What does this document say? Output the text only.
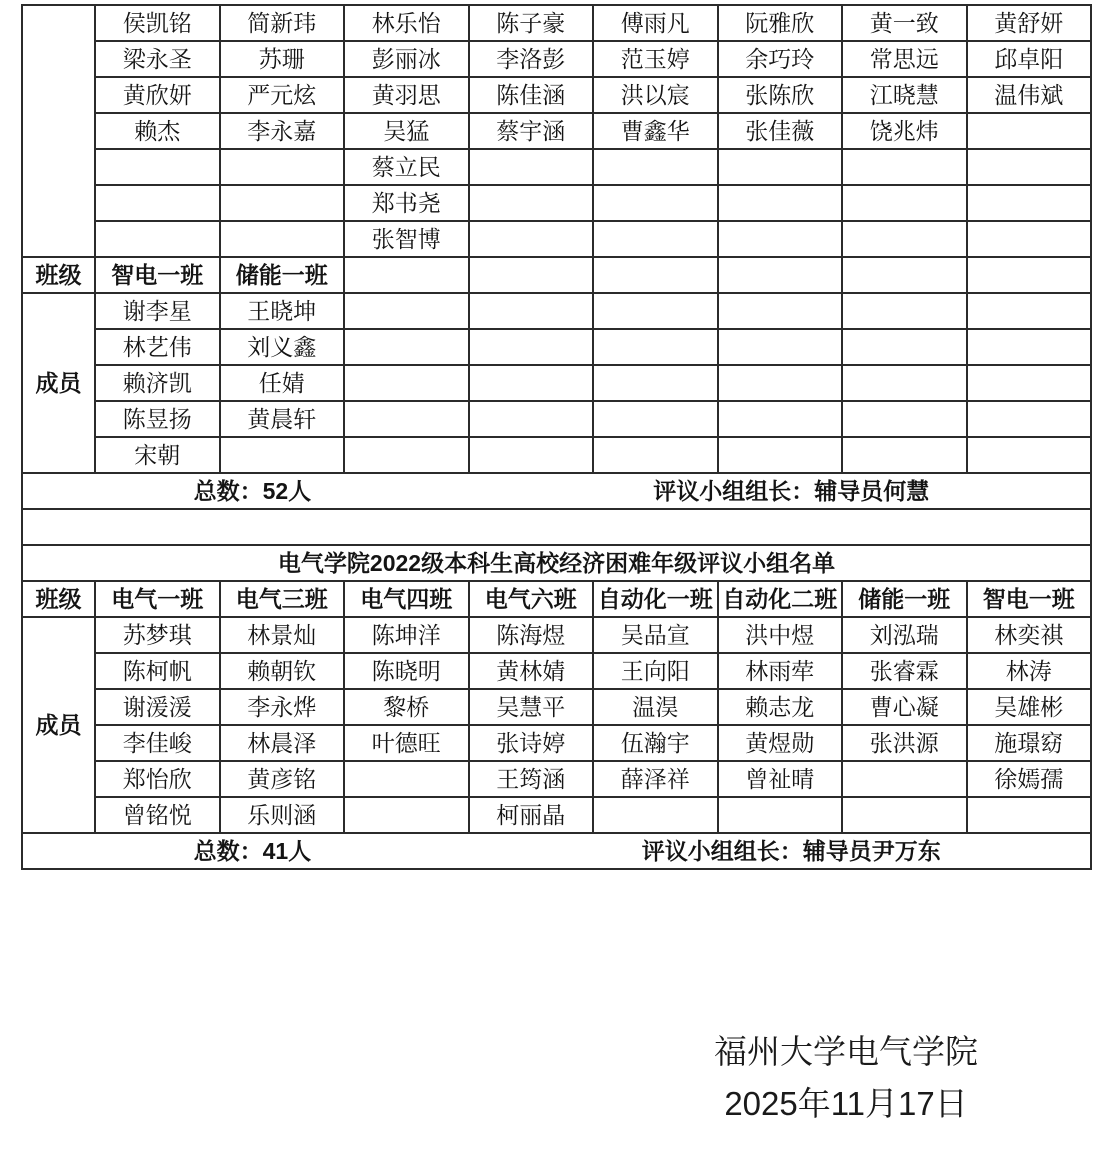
	侯凯铭	简新玮	林乐怡	陈子豪	傅雨凡	阮雅欣	黄一致	黄舒妍
	梁永圣	苏珊	彭丽冰	李洛彭	范玉婷	余巧玲	常思远	邱卓阳
	黄欣妍	严元炫	黄羽思	陈佳涵	洪以宸	张陈欣	江晓慧	温伟斌
	赖杰	李永嘉	吴猛	蔡宇涵	曹鑫华	张佳薇	饶兆炜	
			蔡立民					
			郑书尧					
			张智博					
班级	智电一班	储能一班						
成员	谢李星	王晓坤						
	林艺伟	刘义鑫						
	赖济凯	任婧						
	陈昱扬	黄晨轩						
	宋朝							

总数：52人 评议小组组长：辅导员何慧								

电气学院2022级本科生高校经济困难年级评议小组名单								
班级	电气一班	电气三班	电气四班	电气六班	自动化一班	自动化二班	储能一班	智电一班
成员	苏梦琪	林景灿	陈坤洋	陈海煜	吴品宣	洪中煜	刘泓瑞	林奕祺
	陈柯帆	赖朝钦	陈晓明	黄林婧	王向阳	林雨荦	张睿霖	林涛
	谢湲湲	李永烨	黎桥	吴慧平	温淏	赖志龙	曹心凝	吴雄彬
	李佳峻	林晨泽	叶德旺	张诗婷	伍瀚宇	黄煜勋	张洪源	施璟窈
	郑怡欣	黄彦铭		王筠涵	薛泽祥	曾祉晴		徐嫣孺
	曾铭悦	乐则涵		柯丽晶				

总数：41人 评议小组组长：辅导员尹万东								
福州大学电气学院
2025年11月17日
